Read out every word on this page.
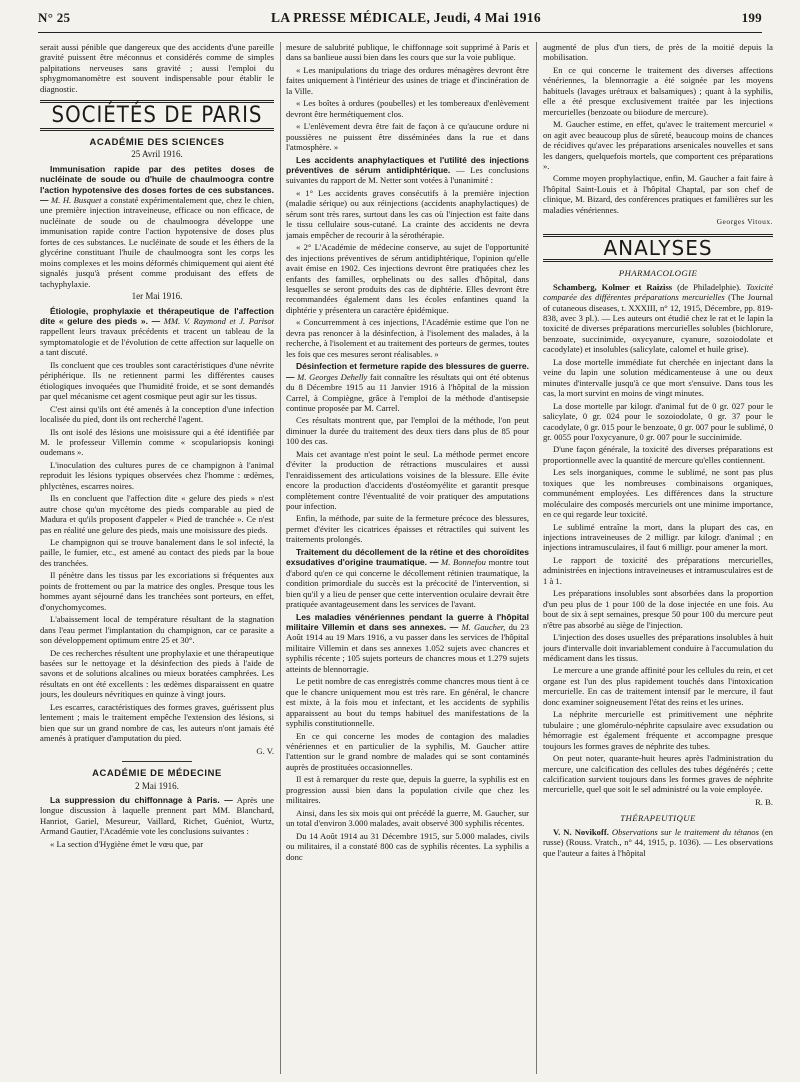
N° 25	LA PRESSE MÉDICALE, Jeudi, 4 Mai 1916	199

serait aussi pénible que dangereux que des accidents d'une pareille gravité puissent être méconnus et considérés comme de simples palpitations nerveuses sans gravité ; aussi l'emploi du sphygmomanomètre est souvent indispensable pour établir le diagnostic.

SOCIÉTÉS DE PARIS
ACADÉMIE DES SCIENCES
25 Avril 1916.

Immunisation rapide par des petites doses de nucléinate de soude ou d'huile de chaulmoogra contre l'action hypotensive des doses fortes de ces substances. — M. H. Busquet a constaté expérimentalement que, chez le chien, une première injection intraveineuse, efficace ou non efficace, de nucléinate de soude ou de chaulmoogra développe une immunisation rapide contre l'action hypotensive de doses plus fortes de ces substances. Le nucléinate de soude et les éthers de la glycérine constituant l'huile de chaulmoogra sont les corps les moins complexes et les moins déformés chimiquement qui aient été signalés jusqu'à présent comme produisant des effets de tachyphylaxie.

1er Mai 1916.

Étiologie, prophylaxie et thérapeutique de l'affection dite « gelure des pieds ». — MM. V. Raymond et J. Parisot rappellent leurs travaux précédents et tracent un tableau de la symptomatologie et de l'évolution de cette affection sur laquelle on a tant discuté.

Ils concluent que ces troubles sont caractéristiques d'une névrite périphérique. Ils ne retiennent parmi les différentes causes étiologiques invoquées que l'humidité froide, et se sont demandés par quel mécanisme cet agent cosmique peut agir sur les tissus.

C'est ainsi qu'ils ont été amenés à la conception d'une infection localisée du pied, dont ils ont recherché l'agent.

Ils ont isolé des lésions une moisissure qui a été identifiée par M. le professeur Villemin comme « scopulariopsis koningi oudemans ».

L'inoculation des cultures pures de ce champignon à l'animal reproduit les lésions typiques observées chez l'homme : œdèmes, phlyctènes, escarres noires.

Ils en concluent que l'affection dite « gelure des pieds » n'est autre chose qu'un mycétome des pieds comparable au pied de Madura et qu'ils proposent d'appeler « Pied de tranchée ». Ce n'est pas en réalité une gelure des pieds, mais une moisissure des pieds.

Le champignon qui se trouve banalement dans le sol infecté, la paille, le fumier, etc., est amené au contact des pieds par la boue des tranchées.

Il pénètre dans les tissus par les excoriations si fréquentes aux points de frottement ou par la matrice des ongles. Presque tous les hommes ayant séjourné dans les tranchées sont porteurs, en effet, d'onychomycomes.

L'abaissement local de température résultant de la stagnation dans l'eau permet l'implantation du champignon, car ce parasite a son développement optimum entre 25 et 30°.

De ces recherches résultent une prophylaxie et une thérapeutique basées sur le nettoyage et la désinfection des pieds à l'aide de savons et de solutions alcalines ou mieux boratées camphrées. Les résultats en ont été excellents : les œdèmes disparaissent en quatre jours, les douleurs névritiques en quinze à vingt jours.

Les escarres, caractéristiques des formes graves, guérissent plus lentement ; mais le traitement empêche l'extension des lésions, si bien que sur un grand nombre de cas, les auteurs n'ont jamais été amenés à pratiquer d'amputation du pied.

G. V.
ACADÉMIE DE MÉDECINE
2 Mai 1916.

La suppression du chiffonnage à Paris. — Après une longue discussion à laquelle prennent part MM. Blanchard, Hanriot, Gariel, Mesureur, Vaillard, Richet, Guéniot, Wurtz, Armand Gautier, l'Académie vote les conclusions suivantes :

« La section d'Hygiène émet le vœu que, par

mesure de salubrité publique, le chiffonnage soit supprimé à Paris et dans sa banlieue aussi bien dans les cours que sur la voie publique.

« Les manipulations du triage des ordures ménagères devront être faites uniquement à l'intérieur des usines de triage et d'incinération de la Ville.

« Les boîtes à ordures (poubelles) et les tombereaux d'enlèvement devront être hermétiquement clos.

« L'enlèvement devra être fait de façon à ce qu'aucune ordure ni poussières ne puissent être disséminées dans la rue et dans l'atmosphère. »

Les accidents anaphylactiques et l'utilité des injections préventives de sérum antidiphtérique. — Les conclusions suivantes du rapport de M. Netter sont votées à l'unanimité :

« 1° Les accidents graves consécutifs à la première injection (maladie sérique) ou aux réinjections (accidents anaphylactiques) de sérum sont très rares, surtout dans les cas où l'injection est faite dans le tissu cellulaire sous-cutané. La crainte des accidents ne devra jamais empêcher de recourir à la sérothérapie.

« 2° L'Académie de médecine conserve, au sujet de l'opportunité des injections préventives de sérum antidiphtérique, l'opinion qu'elle avait émise en 1902. Ces injections devront être pratiquées chez les enfants des familles, orphelinats ou des salles d'hôpital, dans lesquelles se seront produits des cas de diphtérie. Elles devront être recommandées également dans les écoles enfantines quand la diphtérie y présentera un caractère épidémique.

« Concurremment à ces injections, l'Académie estime que l'on ne devra pas renoncer à la désinfection, à l'isolement des malades, à la recherche, à l'isolement et au traitement des porteurs de germes, toutes les fois que ces mesures seront réalisables. »

Désinfection et fermeture rapide des blessures de guerre. — M. Georges Dehelly fait connaître les résultats qui ont été obtenus du 8 Décembre 1915 au 11 Janvier 1916 à l'hôpital de la mission Carrel, à Compiègne, grâce à l'emploi de la méthode d'antisepsie continue proposée par M. Carrel.

Ces résultats montrent que, par l'emploi de la méthode, l'on peut diminuer la durée du traitement des deux tiers dans plus de 85 pour 100 des cas.

Mais cet avantage n'est point le seul. La méthode permet encore d'éviter la production de rétractions musculaires et aussi l'enraidissement des articulations voisines de la blessure. Elle évite encore la production d'accidents d'ostéomyélite et garantit presque complètement contre l'éventualité de voir pratiquer des amputations pour infection.

Enfin, la méthode, par suite de la fermeture précoce des blessures, permet d'éviter les cicatrices épaisses et rétractiles qui suivent les traitements prolongés.

Traitement du décollement de la rétine et des choroïdites exsudatives d'origine traumatique. — M. Bonnefou montre tout d'abord qu'en ce qui concerne le décollement rétinien traumatique, la condition primordiale du succès est la précocité de l'intervention, si bien qu'il y a lieu de penser que cette intervention oculaire devrait être pratiquée avantageusement dans les services de l'avant.

Les maladies vénériennes pendant la guerre à l'hôpital militaire Villemin et dans ses annexes. — M. Gaucher, du 23 Août 1914 au 19 Mars 1916, a vu passer dans les services de l'hôpital militaire Villemin et dans ses annexes 1.052 sujets avec chancres et syphilis récente ; 105 sujets porteurs de chancres mous et 1.279 sujets atteints de blennorragie.

Le petit nombre de cas enregistrés comme chancres mous tient à ce que le chancre uniquement mou est très rare. En général, le chancre est mixte, à la fois mou et infectant, et les accidents de syphilis apparaissent au bout du temps habituel des manifestations de la syphilis constitutionnelle.

En ce qui concerne les modes de contagion des maladies vénériennes et en particulier de la syphilis, M. Gaucher attire l'attention sur le grand nombre de malades qui se sont contaminés auprès de prostituées occasionnelles.

Il est à remarquer du reste que, depuis la guerre, la syphilis est en progression aussi bien dans la population civile que chez les militaires.

Ainsi, dans les six mois qui ont précédé la guerre, M. Gaucher, sur un total d'environ 3.000 malades, avait observé 300 syphilis récentes.

Du 14 Août 1914 au 31 Décembre 1915, sur 5.000 malades, civils ou militaires, il a constaté 800 cas de syphilis récentes. La syphilis a donc

augmenté de plus d'un tiers, de près de la moitié depuis la mobilisation.

En ce qui concerne le traitement des diverses affections vénériennes, la blennorragie a été soignée par les moyens habituels (lavages urétraux et balsamiques) ; quant à la syphilis, elle a été presque exclusivement traitée par les injections mercurielles (benzoate ou biiodure de mercure).

M. Gaucher estime, en effet, qu'avec le traitement mercuriel « on agit avec beaucoup plus de sûreté, beaucoup moins de chances de récidives qu'avec les préparations arsenicales nouvelles et sans les dangers, quelquefois mortels, que comportent ces préparations ».

Comme moyen prophylactique, enfin, M. Gaucher a fait faire à l'hôpital Saint-Louis et à l'hôpital Chaptal, par son chef de clinique, M. Bizard, des conférences pratiques et familières sur les maladies vénériennes.

Georges Vitoux.
ANALYSES
PHARMACOLOGIE

Schamberg, Kolmer et Raiziss (de Philadelphie). Toxicité comparée des différentes préparations mercurielles (The Journal of cutaneous diseases, t. XXXIII, n° 12, 1915, Décembre, pp. 819-838, avec 3 pl.). — Les auteurs ont étudié chez le rat et le lapin la toxicité de diverses préparations mercurielles solubles (bichlorure, benzoate, succinimide, oxycyanure, cyanure, sozoiodolate et cacodylate) et insolubles (salicylate, calomel et huile grise).

La dose mortelle immédiate fut cherchée en injectant dans la veine du lapin une solution médicamenteuse à une ou deux minutes d'intervalle jusqu'à ce que mort s'ensuive. Dans tous les cas, la mort survint en moins de vingt minutes.

La dose mortelle par kilogr. d'animal fut de 0 gr. 027 pour le salicylate, 0 gr. 024 pour le sozoiodolate, 0 gr. 37 pour le cacodylate, 0 gr. 015 pour le benzoate, 0 gr. 007 pour le sublimé, 0 gr. 0055 pour l'oxycyanure, 0 gr. 007 pour le succinimide.

D'une façon générale, la toxicité des diverses préparations est proportionnelle avec la quantité de mercure qu'elles contiennent.

Les sels inorganiques, comme le sublimé, ne sont pas plus toxiques que les nombreuses combinaisons organiques, communément employées. Les différences dans la structure moléculaire des composés mercuriels ont une minime importance, en ce qui regarde leur toxicité.

Le sublimé entraîne la mort, dans la plupart des cas, en injections intraveineuses de 2 milligr. par kilogr. d'animal ; en injections intramusculaires, il faut 6 milligr. pour amener la mort.

Le rapport de toxicité des préparations mercurielles, administrées en injections intraveineuses et intramusculaires est de 1 à 1.

Les préparations insolubles sont absorbées dans la proportion d'un peu plus de 1 pour 100 de la dose injectée en une fois. Au bout de six à sept semaines, presque 50 pour 100 du mercure peut n'être pas absorbé au siège de l'injection.

L'injection des doses usuelles des préparations insolubles à huit jours d'intervalle doit invariablement conduire à l'accumulation du médicament dans les tissus.

Le mercure a une grande affinité pour les cellules du rein, et cet organe est l'un des plus rapidement touchés dans l'intoxication mercurielle. En cas de traitement intensif par le mercure, il faut donc examiner soigneusement l'état des reins et les urines.

La néphrite mercurielle est primitivement une néphrite tubulaire ; une glomérulo-néphrite capsulaire avec exsudation ou hémorragie est également fréquente et accompagne presque toujours les formes graves de néphrite des tubes.

On peut noter, quarante-huit heures après l'administration du mercure, une calcification des cellules des tubes dégénérés ; cette calcification survient toujours dans les formes graves de néphrite mercurielle, quel que soit le sel administré ou la voie employée.

R. B.
THÉRAPEUTIQUE

V. N. Novikoff. Observations sur le traitement du tétanos (en russe) (Rouss. Vratch., n° 44, 1915, p. 1036). — Les observations que l'auteur a faites à l'hôpital
